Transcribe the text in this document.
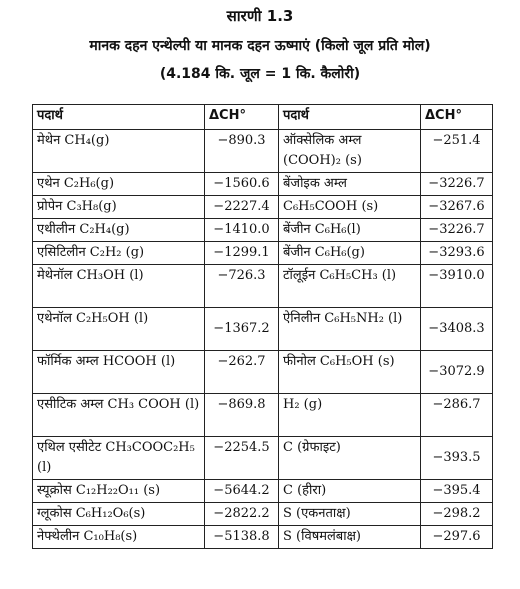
सारणी 1.3
मानक दहन एन्थेल्पी या मानक दहन ऊष्माएं (किलो जूल प्रति मोल)
(4.184 कि. जूल = 1 कि. कैलोरी)
पदार्थ	ΔCH°	पदार्थ	ΔCH°
मेथेन CH₄(g)	−890.3	ऑक्सेलिक अम्ल (COOH)₂ (s)	−251.4
एथेन C₂H₆(g)	−1560.6	बेंजोइक अम्ल	−3226.7
प्रोपेन C₃H₈(g)	−2227.4	C₆H₅COOH (s)	−3267.6
एथीलीन C₂H₄(g)	−1410.0	बेंजीन C₆H₆(l)	−3226.7
एसिटिलीन C₂H₂ (g)	−1299.1	बेंजीन C₆H₆(g)	−3293.6
मेथेनॉल CH₃OH (l)	−726.3	टॉलूईन C₆H₅CH₃ (l)	−3910.0
एथेनॉल C₂H₅OH (l)	−1367.2	ऐनिलीन C₆H₅NH₂ (l)	−3408.3
फॉर्मिक अम्ल HCOOH (l)	−262.7	फीनोल C₆H₅OH (s)	−3072.9
एसीटिक अम्ल CH₃ COOH (l)	−869.8	H₂ (g)	−286.7
एथिल एसीटेट CH₃COOC₂H₅ (l)	−2254.5	C (ग्रेफाइट)	−393.5
स्यूक्रोस C₁₂H₂₂O₁₁ (s)	−5644.2	C (हीरा)	−395.4
ग्लूकोस C₆H₁₂O₆(s)	−2822.2	S (एकनताक्ष)	−298.2
नेफ्थेलीन C₁₀H₈(s)	−5138.8	S (विषमलंबाक्ष)	−297.6
